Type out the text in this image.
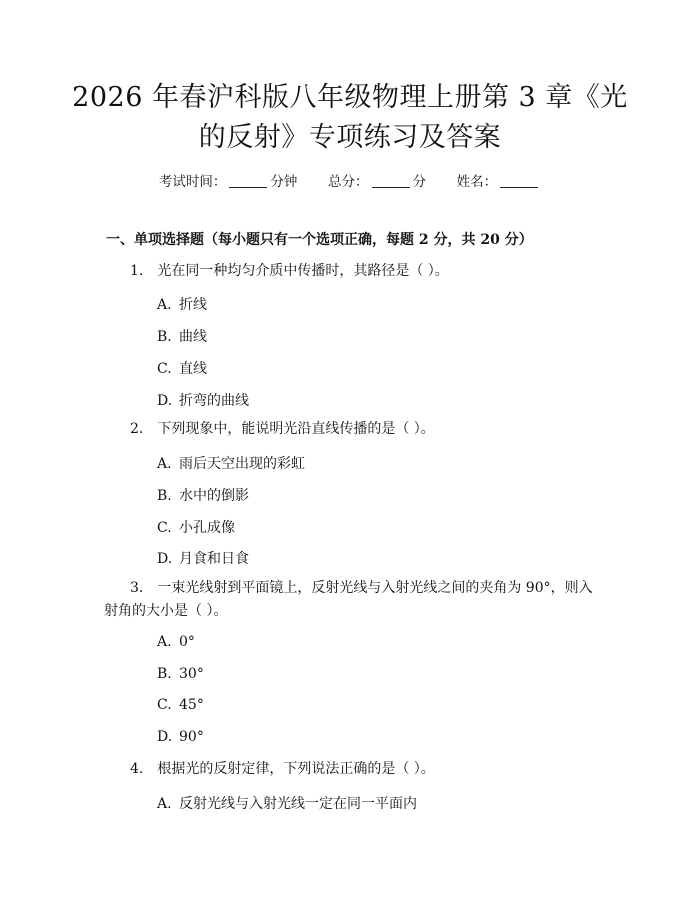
2026 年春沪科版八年级物理上册第 3 章《光的反射》专项练习及答案
考试时间：	分钟 总分：	分 姓名：
一、单项选择题（每小题只有一个选项正确，每题 2 分，共 20 分）
1. 光在同一种均匀介质中传播时，其路径是（ ）。
A. 折线
B. 曲线
C. 直线
D. 折弯的曲线
2. 下列现象中，能说明光沿直线传播的是（ ）。
A. 雨后天空出现的彩虹
B. 水中的倒影
C. 小孔成像
D. 月食和日食
3. 一束光线射到平面镜上，反射光线与入射光线之间的夹角为 90°，则入射角的大小是（ ）。
A. 0°
B. 30°
C. 45°
D. 90°
4. 根据光的反射定律，下列说法正确的是（ ）。
A. 反射光线与入射光线一定在同一平面内
